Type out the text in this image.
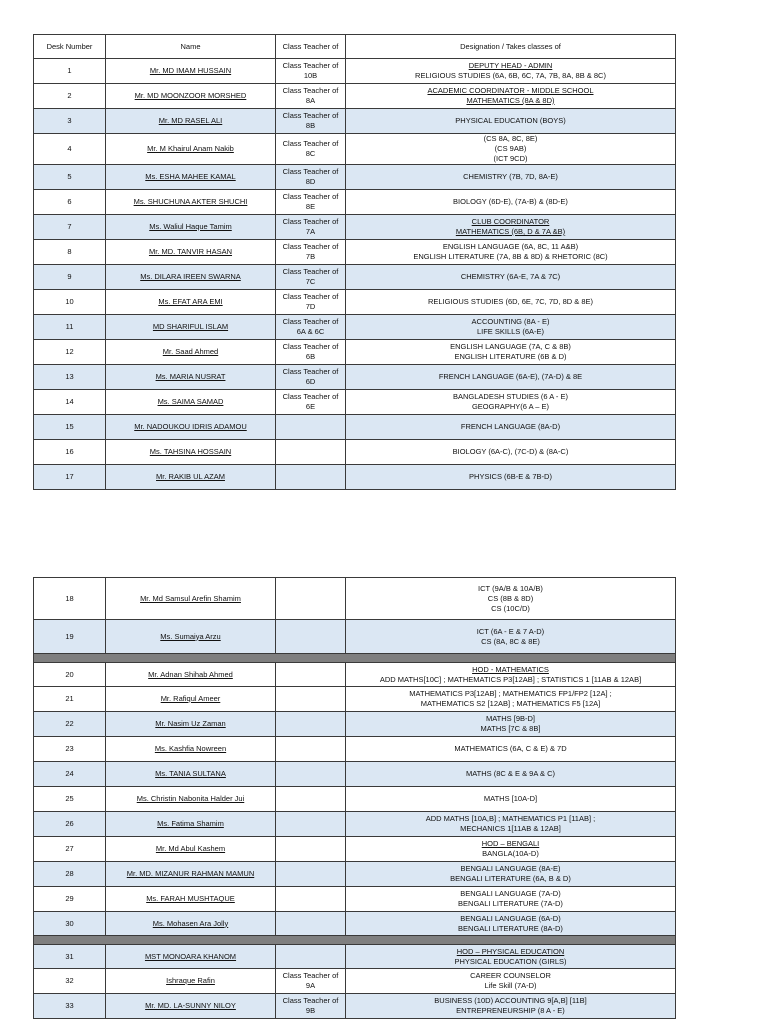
Desk Number	Name	Class Teacher of	Designation / Takes classes of
1	Mr. MD IMAM HUSSAIN	Class Teacher of 10B	DEPUTY HEAD - ADMIN
RELIGIOUS STUDIES (6A, 6B, 6C, 7A, 7B, 8A, 8B & 8C)

2	Mr. MD MOONZOOR MORSHED	Class Teacher of 8A	ACADEMIC COORDINATOR - MIDDLE SCHOOL
MATHEMATICS (8A & 8D)

3	Mr. MD RASEL ALI	Class Teacher of 8B	PHYSICAL EDUCATION (BOYS)

4	Mr. M Khairul Anam Nakib	Class Teacher of 8C	(CS 8A, 8C, 8E)
(CS 9AB)
(ICT 9CD)

5	Ms. ESHA MAHEE KAMAL	Class Teacher of 8D	CHEMISTRY (7B, 7D, 8A-E)

6	Ms. SHUCHUNA AKTER SHUCHI	Class Teacher of 8E	BIOLOGY (6D-E), (7A-B) & (8D-E)

7	Ms. Waliul Haque Tamim	Class Teacher of 7A	CLUB COORDINATOR
MATHEMATICS (6B, D & 7A &B)

8	Mr. MD. TANVIR HASAN	Class Teacher of 7B	ENGLISH LANGUAGE (6A, 8C, 11 A&B)
ENGLISH LITERATURE (7A, 8B & 8D) & RHETORIC (8C)

9	Ms. DILARA IREEN SWARNA	Class Teacher of 7C	CHEMISTRY (6A-E, 7A & 7C)

10	Ms. EFAT ARA EMI	Class Teacher of 7D	RELIGIOUS STUDIES (6D, 6E, 7C, 7D, 8D & 8E)

11	MD SHARIFUL ISLAM	Class Teacher of 6A & 6C	ACCOUNTING (8A - E)
LIFE SKILLS (6A-E)

12	Mr. Saad Ahmed	Class Teacher of 6B	ENGLISH LANGUAGE (7A, C & 8B)
ENGLISH LITERATURE (6B & D)

13	Ms. MARIA NUSRAT	Class Teacher of 6D	FRENCH LANGUAGE (6A-E), (7A-D) & 8E

14	Ms. SAIMA SAMAD	Class Teacher of 6E	BANGLADESH STUDIES (6 A - E)
GEOGRAPHY(6 A – E)

15	Mr. NADOUKOU IDRIS ADAMOU		FRENCH LANGUAGE (8A-D)

16	Ms. TAHSINA HOSSAIN		BIOLOGY (6A-C), (7C-D) & (8A-C)

17	Mr. RAKIB UL AZAM		PHYSICS (6B-E & 7B-D)
18	Mr. Md Samsul Arefin Shamim		ICT (9A/B & 10A/B)
CS (8B & 8D)
CS (10C/D)

19	Ms. Sumaiya Arzu		ICT (6A - E & 7 A-D)
CS (8A, 8C & 8E)

20	Mr. Adnan Shihab Ahmed		HOD - MATHEMATICS
ADD MATHS[10C] ; MATHEMATICS P3[12AB] ; STATISTICS 1 [11AB & 12AB]

21	Mr. Rafiqul Ameer		MATHEMATICS P3[12AB] ; MATHEMATICS FP1/FP2 [12A] ;
MATHEMATICS S2 [12AB] ; MATHEMATICS F5 [12A]

22	Mr. Nasim Uz Zaman		MATHS [9B-D]
MATHS [7C & 8B]

23	Ms. Kashfia Nowreen		MATHEMATICS (6A, C & E) & 7D

24	Ms. TANIA SULTANA		MATHS (8C & E & 9A & C)

25	Ms. Christin Nabonita Halder Jui		MATHS [10A-D]

26	Ms. Fatima Shamim		ADD MATHS [10A,B] ; MATHEMATICS P1 [11AB] ;
MECHANICS 1[11AB & 12AB]

27	Mr. Md Abul Kashem		HOD – BENGALI
BANGLA(10A-D)

28	Mr. MD. MIZANUR RAHMAN MAMUN		BENGALI LANGUAGE (8A-E)
BENGALI LITERATURE (6A, B & D)

29	Ms. FARAH MUSHTAQUE		BENGALI LANGUAGE (7A-D)
BENGALI LITERATURE (7A-D)

30	Ms. Mohasen Ara Jolly		BENGALI LANGUAGE (6A-D)
BENGALI LITERATURE (8A-D)

31	MST MONOARA KHANOM		HOD – PHYSICAL EDUCATION
PHYSICAL EDUCATION (GIRLS)

32	Ishraque Rafin	Class Teacher of 9A	CAREER COUNSELOR
Life Skill (7A-D)

33	Mr. MD. LA-SUNNY NILOY	Class Teacher of 9B	BUSINESS (10D) ACCOUNTING 9[A,B] [11B]
ENTREPRENEURSHIP (8 A - E)
